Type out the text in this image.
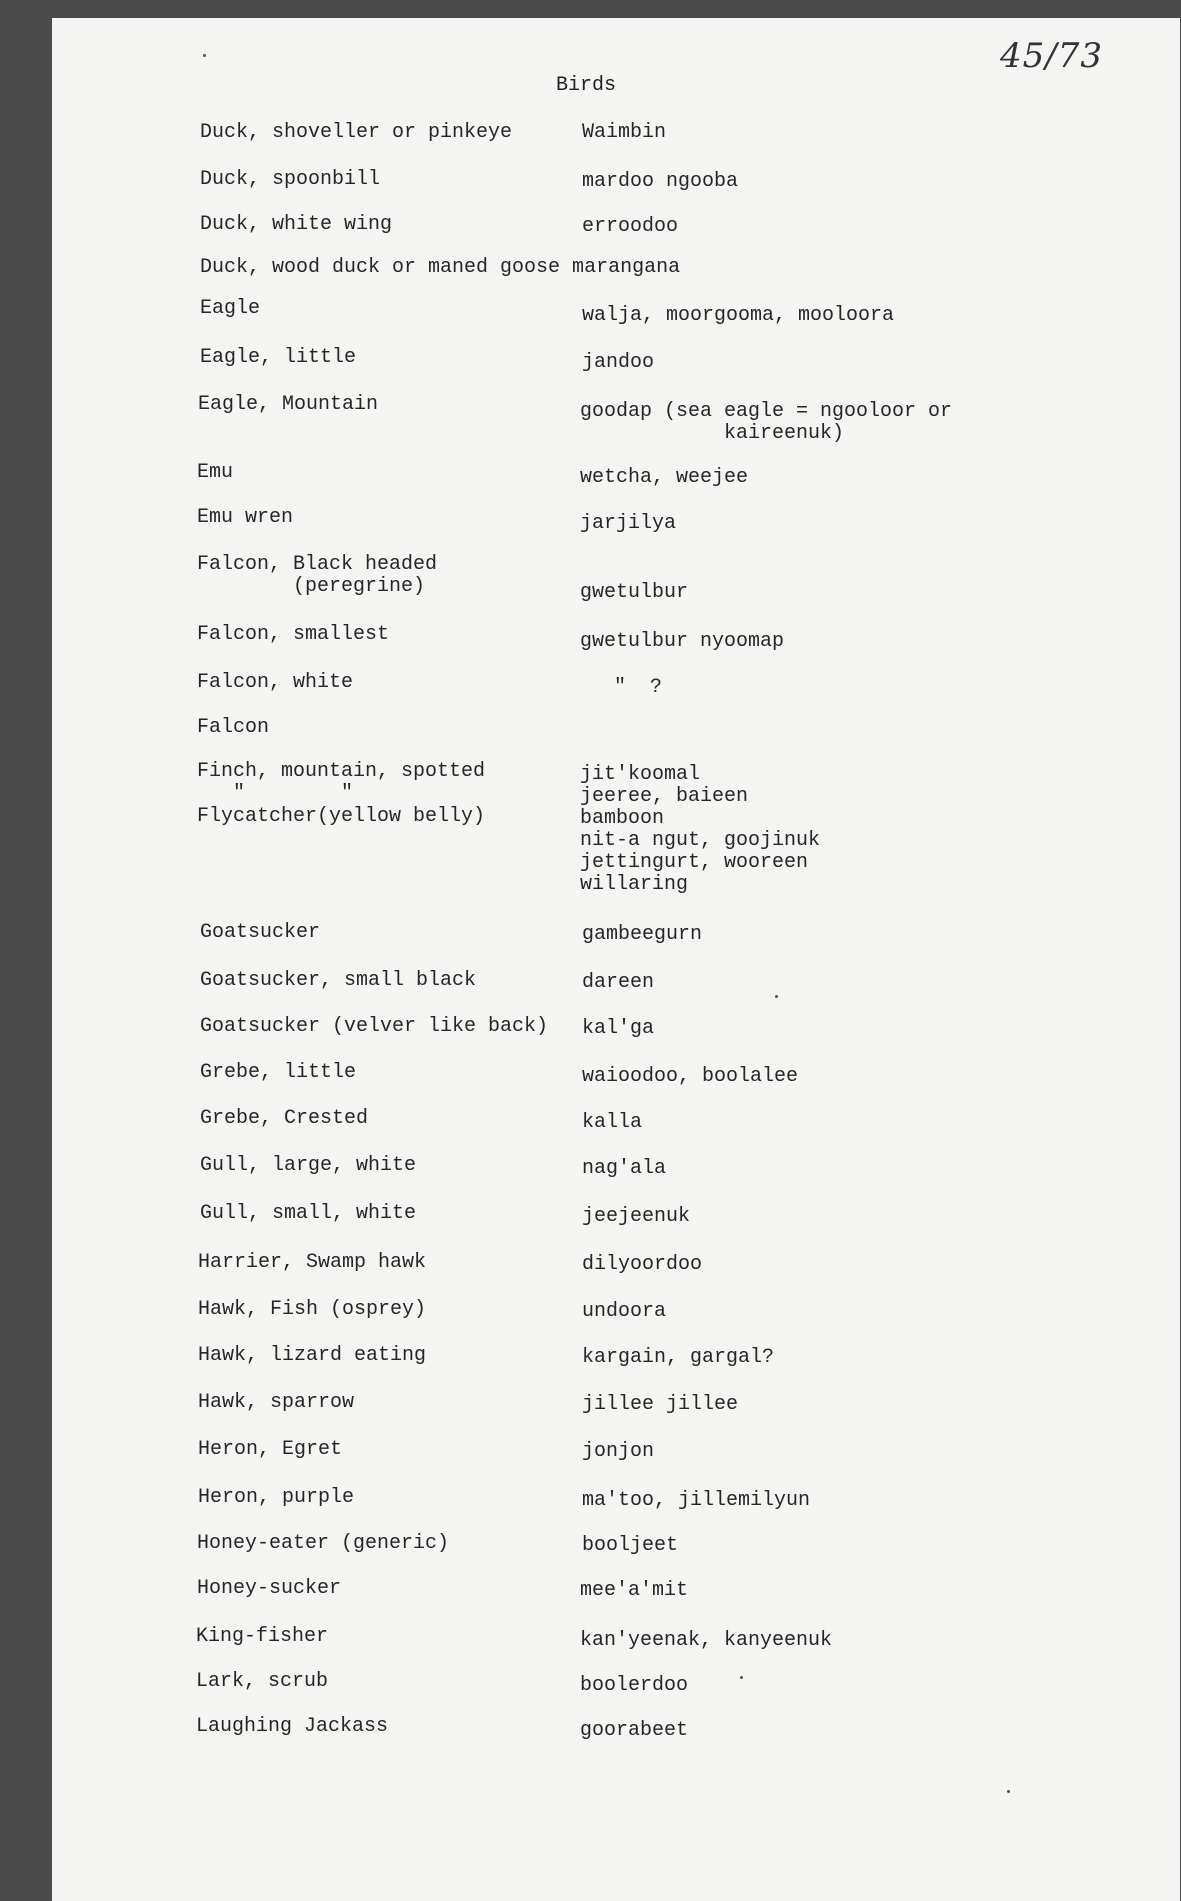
45/73
Birds
Duck, shoveller or pinkeye
Duck, spoonbill
Duck, white wing
Duck, wood duck or maned goose marangana
Eagle
Eagle, little
Eagle, Mountain
Emu
Emu wren
Falcon, Black headed
(peregrine)
Falcon, smallest
Falcon, white
Falcon
Finch, mountain, spotted
"        "
Flycatcher(yellow belly)
Goatsucker
Goatsucker, small black
Goatsucker (velver like back)
Grebe, little
Grebe, Crested
Gull, large, white
Gull, small, white
Harrier, Swamp hawk
Hawk, Fish (osprey)
Hawk, lizard eating
Hawk, sparrow
Heron, Egret
Heron, purple
Honey-eater (generic)
Honey-sucker
King-fisher
Lark, scrub
Laughing Jackass
Waimbin
mardoo ngooba
erroodoo
walja, moorgooma, mooloora
jandoo
goodap (sea eagle = ngooloor or
kaireenuk)
wetcha, weejee
jarjilya
gwetulbur
gwetulbur nyoomap
"  ?
jit'koomal
jeeree, baieen
bamboon
nit-a ngut, goojinuk
jettingurt, wooreen
willaring
gambeegurn
dareen
kal'ga
waioodoo, boolalee
kalla
nag'ala
jeejeenuk
dilyoordoo
undoora
kargain, gargal?
jillee jillee
jonjon
ma'too, jillemilyun
booljeet
mee'a'mit
kan'yeenak, kanyeenuk
boolerdoo
goorabeet
